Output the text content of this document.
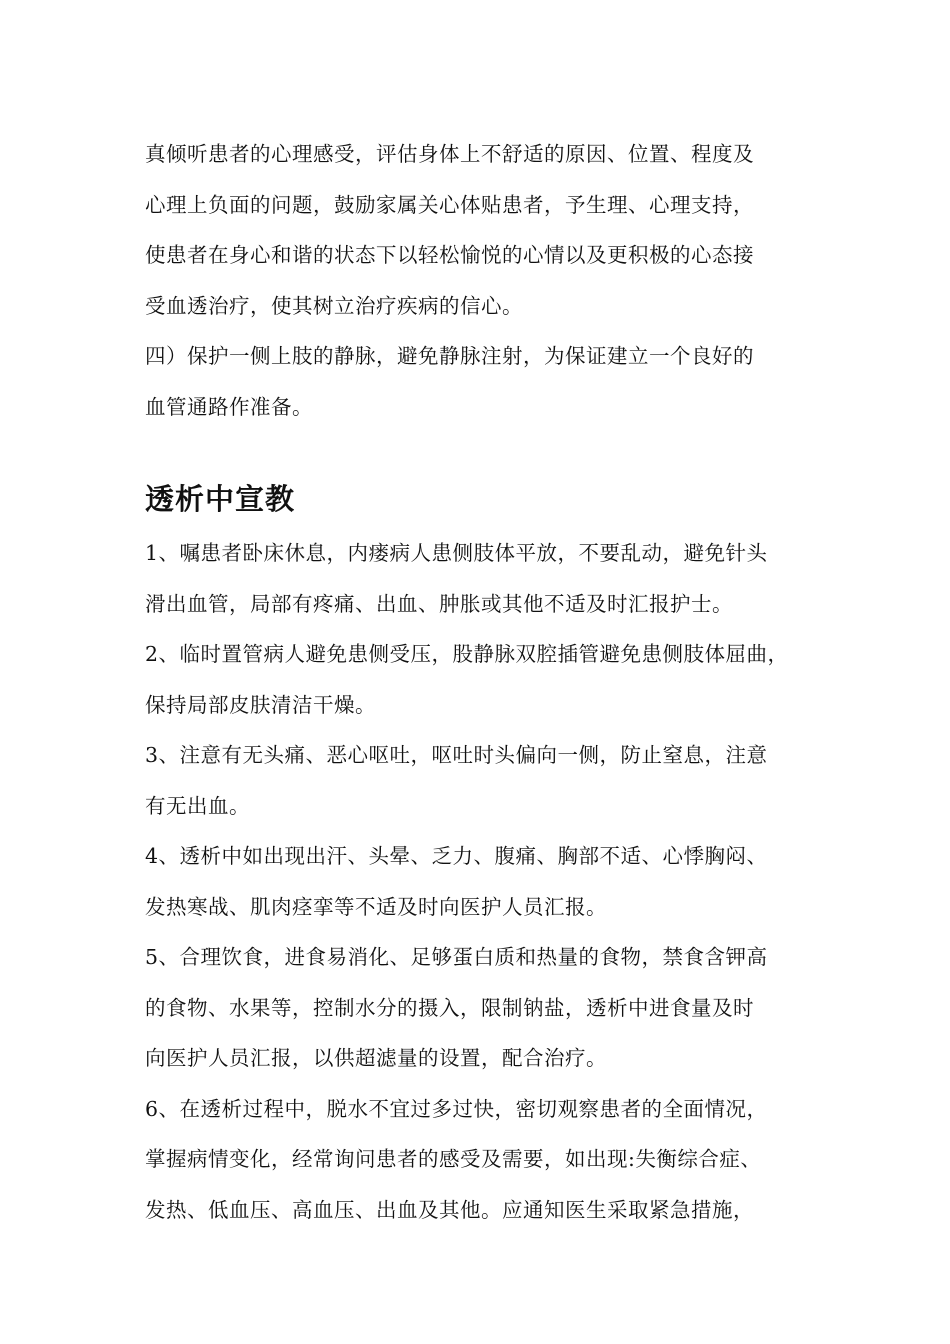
真倾听患者的心理感受，评估身体上不舒适的原因、位置、程度及

心理上负面的问题，鼓励家属关心体贴患者，予生理、心理支持，

使患者在身心和谐的状态下以轻松愉悦的心情以及更积极的心态接

受血透治疗，使其树立治疗疾病的信心。

四）保护一侧上肢的静脉，避免静脉注射，为保证建立一个良好的

血管通路作准备。

透析中宣教

1、嘱患者卧床休息，内瘘病人患侧肢体平放，不要乱动，避免针头

滑出血管，局部有疼痛、出血、肿胀或其他不适及时汇报护士。

2、临时置管病人避免患侧受压，股静脉双腔插管避免患侧肢体屈曲，

保持局部皮肤清洁干燥。

3、注意有无头痛、恶心呕吐，呕吐时头偏向一侧，防止窒息，注意

有无出血。

4、透析中如出现出汗、头晕、乏力、腹痛、胸部不适、心悸胸闷、

发热寒战、肌肉痉挛等不适及时向医护人员汇报。

5、合理饮食，进食易消化、足够蛋白质和热量的食物，禁食含钾高

的食物、水果等，控制水分的摄入，限制钠盐，透析中进食量及时

向医护人员汇报，以供超滤量的设置，配合治疗。

6、在透析过程中，脱水不宜过多过快，密切观察患者的全面情况，

掌握病情变化，经常询问患者的感受及需要，如出现:失衡综合症、

发热、低血压、高血压、出血及其他。应通知医生采取紧急措施，
